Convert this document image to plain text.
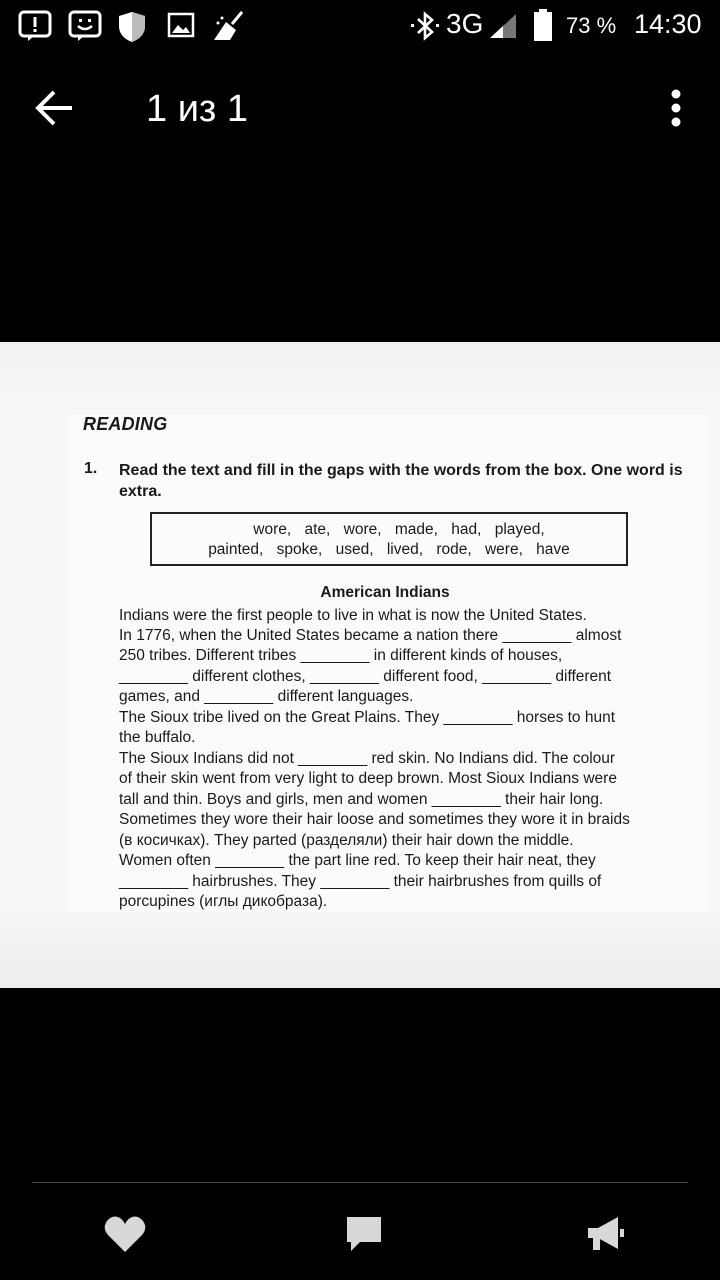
3G	73 % 14:30
1 из 1
READING
1. Read the text and fill in the gaps with the words from the box. One word is extra.
wore, ate, wore, made, had, played,
painted, spoke, used, lived, rode, were, have
American Indians
Indians were the first people to live in what is now the United States.
In 1776, when the United States became a nation there ________ almost
250 tribes. Different tribes ________ in different kinds of houses,
________ different clothes, ________ different food, ________ different
games, and ________ different languages.
The Sioux tribe lived on the Great Plains. They ________ horses to hunt
the buffalo.
The Sioux Indians did not ________ red skin. No Indians did. The colour
of their skin went from very light to deep brown. Most Sioux Indians were
tall and thin. Boys and girls, men and women ________ their hair long.
Sometimes they wore their hair loose and sometimes they wore it in braids
(в косичках). They parted (разделяли) their hair down the middle.
Women often ________ the part line red. To keep their hair neat, they
________ hairbrushes. They ________ their hairbrushes from quills of
porcupines (иглы дикобраза).
